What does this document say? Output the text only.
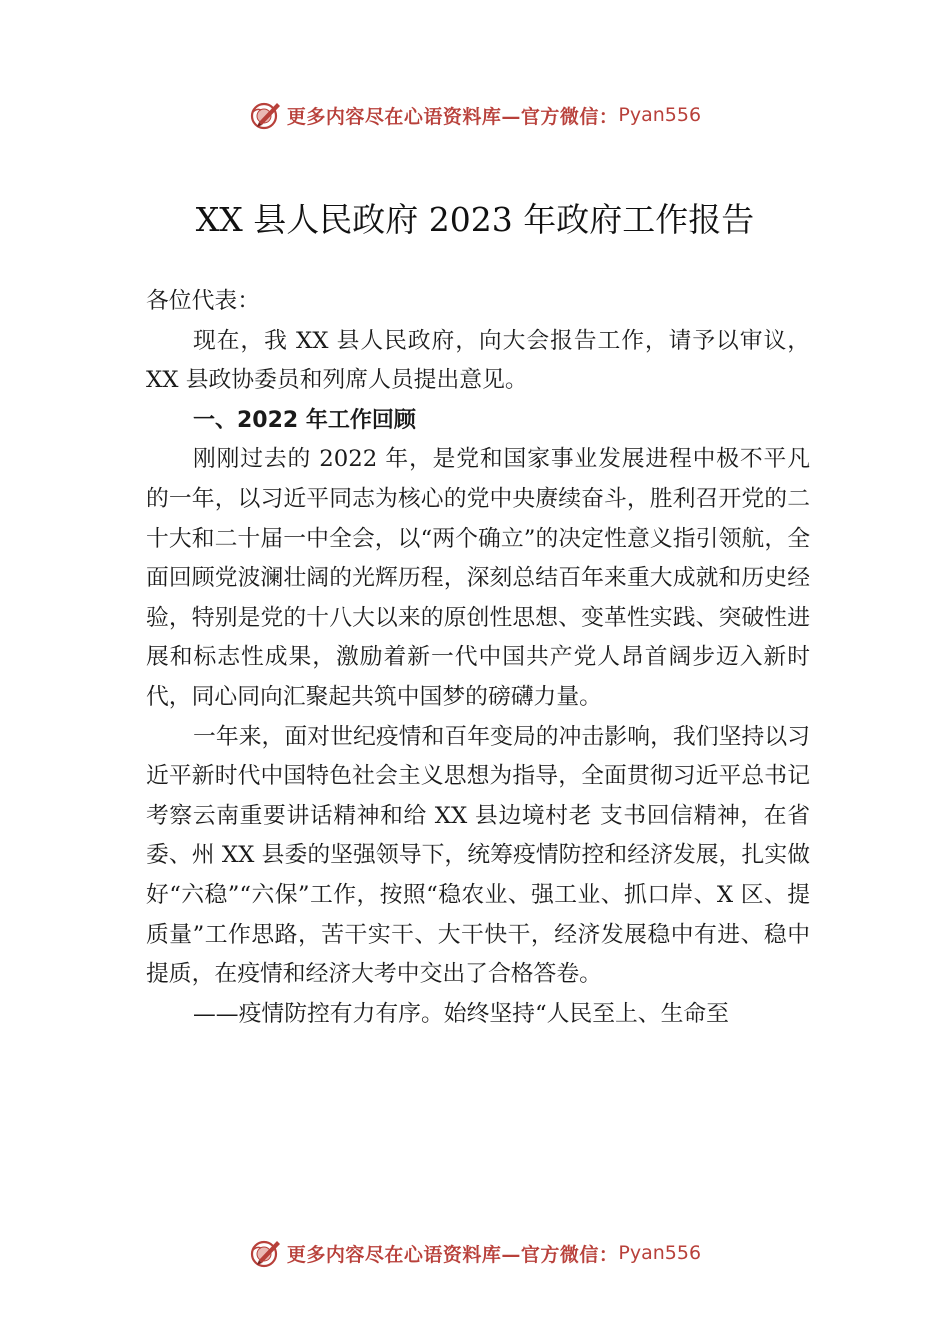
更多内容尽在心语资料库—官方微信： Pyan556
XX 县人民政府 2023 年政府工作报告

各位代表：

现在，我 XX 县人民政府，向大会报告工作，请予以审议，XX 县政协委员和列席人员提出意见。

一、2022 年工作回顾

刚刚过去的 2022 年，是党和国家事业发展进程中极不平凡的一年，以习近平同志为核心的党中央赓续奋斗，胜利召开党的二十大和二十届一中全会，以“两个确立”的决定性意义指引领航，全面回顾党波澜壮阔的光辉历程，深刻总结百年来重大成就和历史经验，特别是党的十八大以来的原创性思想、变革性实践、突破性进展和标志性成果，激励着新一代中国共产党人昂首阔步迈入新时代，同心同向汇聚起共筑中国梦的磅礴力量。

一年来，面对世纪疫情和百年变局的冲击影响，我们坚持以习近平新时代中国特色社会主义思想为指导，全面贯彻习近平总书记考察云南重要讲话精神和给 XX 县边境村老 支书回信精神，在省委、州 XX 县委的坚强领导下，统筹疫情防控和经济发展，扎实做好“六稳”“六保”工作，按照“稳农业、强工业、抓口岸、X 区、提质量”工作思路，苦干实干、大干快干，经济发展稳中有进、稳中提质，在疫情和经济大考中交出了合格答卷。

——疫情防控有力有序。始终坚持“人民至上、生命至

更多内容尽在心语资料库—官方微信： Pyan556
